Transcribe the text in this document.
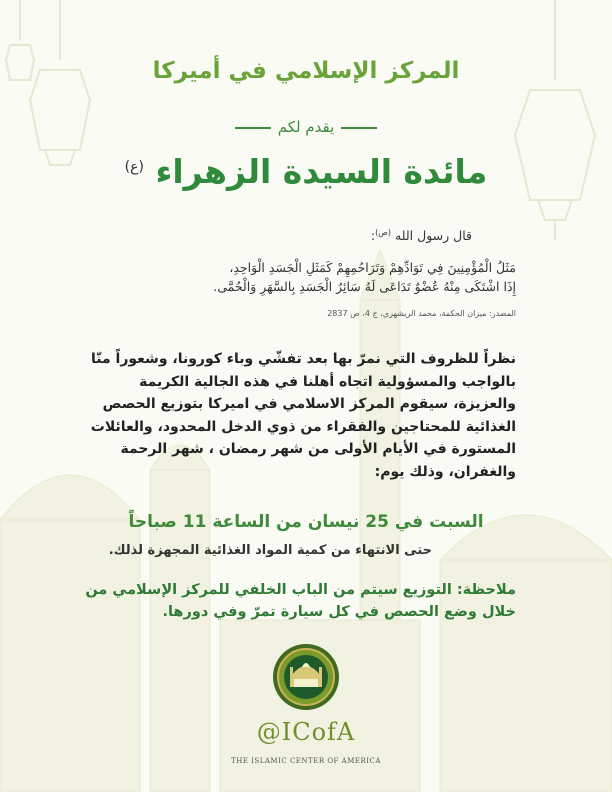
المركز الإسلامي في أميركا
يقدم لكم
مائدة السيدة الزهراء $^{(ع)}$
قال رسول الله $^{(ص)}$:
مَثَلُ الْمُؤْمِنِينَ فِي تَوَادِّهِمْ وَتَرَاحُمِهِمْ كَمَثَلِ الْجَسَدِ الْوَاحِدِ،
إِذَا اشْتَكَى مِنْهُ عُضْوٌ تَدَاعَى لَهُ سَائِرُ الْجَسَدِ بِالسَّهَرِ وَالْحُمَّى.
المصدر: ميزان الحكمة، محمد الريشهري، ج 4، ص 2837
نظراً للظروف التي نمرّ بها بعد تفشّي وباء كورونا، وشعوراً منّا بالواجب والمسؤولية اتجاه أهلنا في هذه الجالية الكريمة والعزيزة، سيقوم المركز الاسلامي في اميركا بتوزيع الحصص الغذائية للمحتاجين والفقراء من ذوي الدخل المحدود، والعائلات المستورة في الأيام الأولى من شهر رمضان ، شهر الرحمة والغفران، وذلك يوم:
السبت في 25 نيسان من الساعة 11 صباحاً
حتى الانتهاء من كمية المواد الغذائية المجهزة لذلك.
ملاحظة: التوزيع سيتم من الباب الخلفي للمركز الإسلامي من خلال وضع الحصص في كل سيارة تمرّ وفي دورها.
@ICofA
THE ISLAMIC CENTER OF AMERICA
